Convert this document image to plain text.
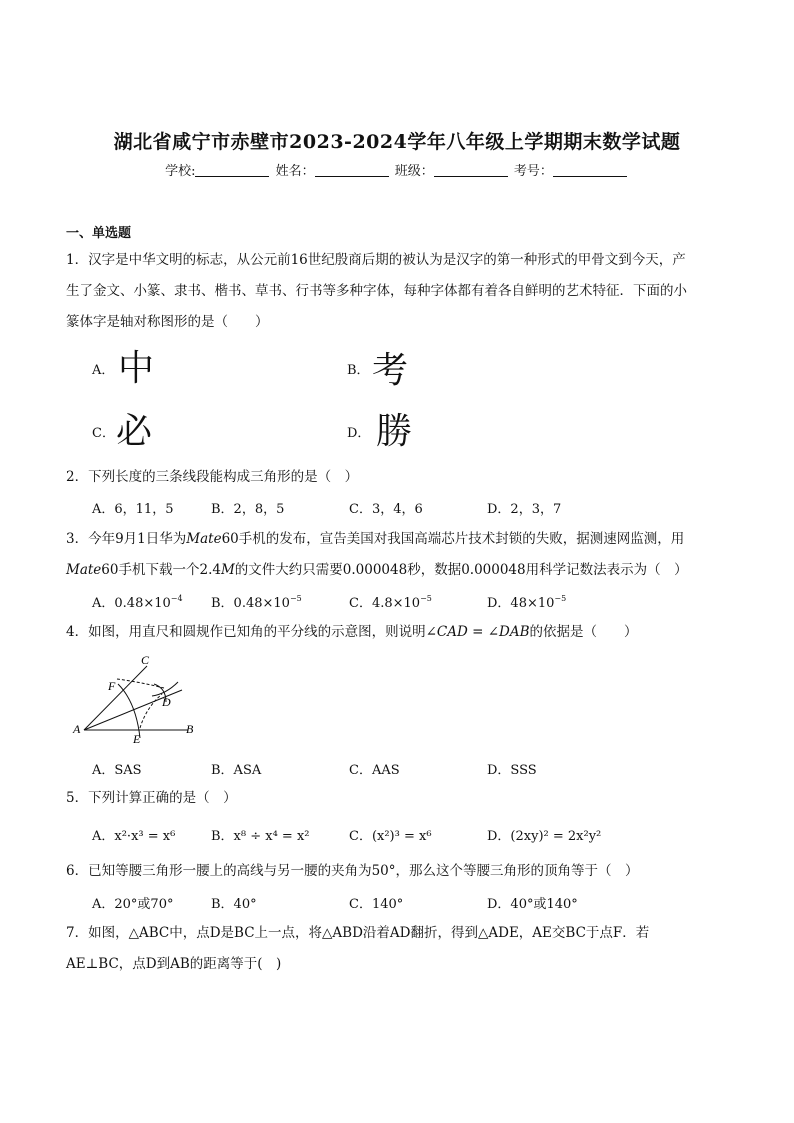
湖北省咸宁市赤壁市2023-2024学年八年级上学期期末数学试题
学校:	姓名：	班级：	考号：
一、单选题
1．汉字是中华文明的标志，从公元前16世纪殷商后期的被认为是汉字的第一种形式的甲骨文到今天，产
生了金文、小篆、隶书、楷书、草书、行书等多种字体，每种字体都有着各自鲜明的艺术特征．下面的小
篆体字是轴对称图形的是（　　）
A． 中	B． 考
C． 必	D． 勝
2．下列长度的三条线段能构成三角形的是（　）
A．6，11，5	B．2，8，5	C．3，4，6	D．2，3，7
3．今年9月1日华为Mate60手机的发布，宣告美国对我国高端芯片技术封锁的失败，据测速网监测，用
Mate60手机下载一个2.4M的文件大约只需要0.000048秒，数据0.000048用科学记数法表示为（　）
A．$0.48\times 10^{-4}$ B．$0.48\times 10^{-5}$	C．$4.8\times 10^{-5}$	D．$48\times 10^{-5}$
4．如图，用直尺和圆规作已知角的平分线的示意图，则说明∠CAD = ∠DAB的依据是（　　）
C
F
D
A	B
E
A．SAS	B．ASA	C．AAS	D．SSS
5．下列计算正确的是（　）
A．x²·x³ = x⁶	B．x⁸ ÷ x⁴ = x²	C．(x²)³ = x⁶	D．(2xy)² = 2x²y²
6．已知等腰三角形一腰上的高线与另一腰的夹角为50°，那么这个等腰三角形的顶角等于（　）
A．20°或70°	B．40°	C．140°	D．40°或140°
7．如图，△ABC中，点D是BC上一点，将△ABD沿着AD翻折，得到△ADE，AE交BC于点F．若
AE⊥BC，点D到AB的距离等于(　)
